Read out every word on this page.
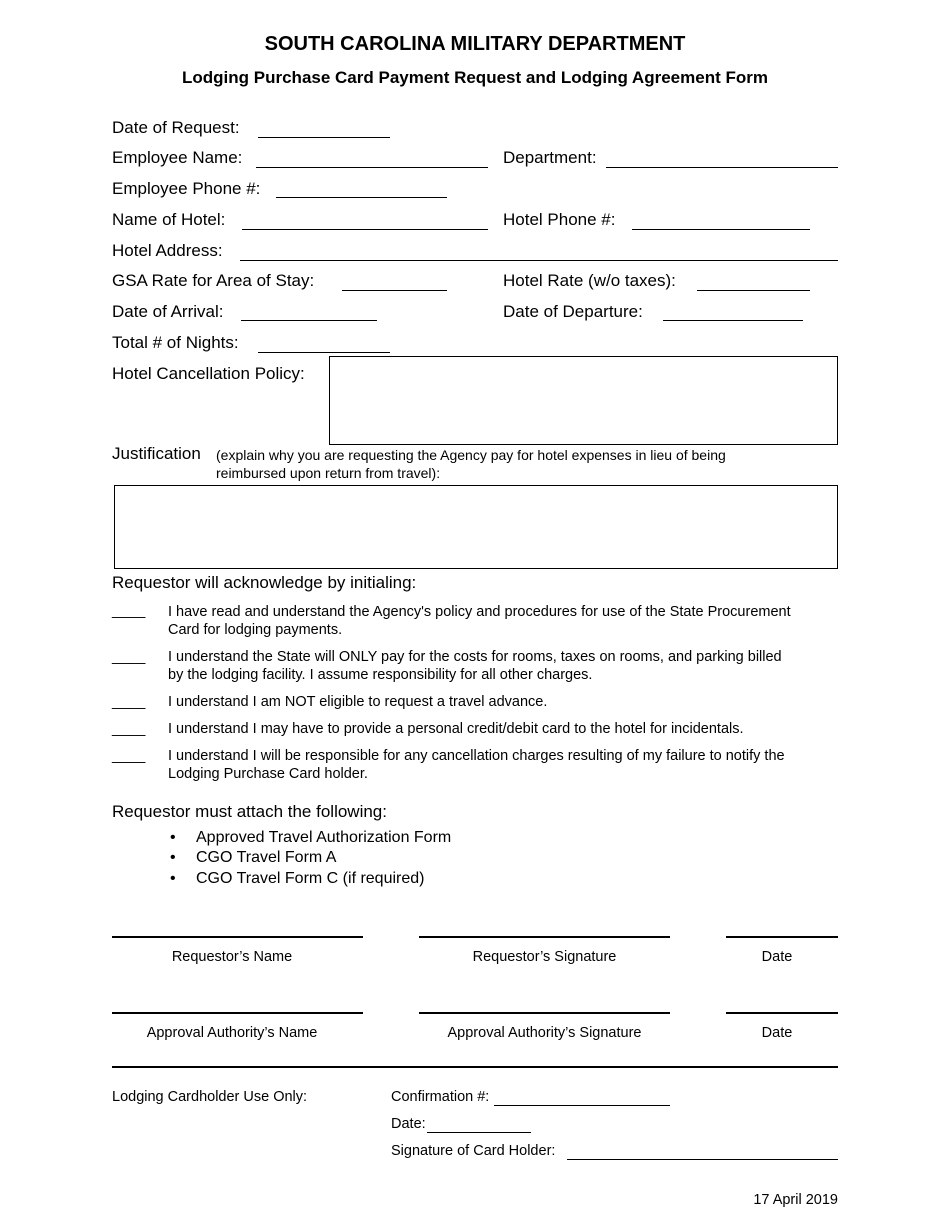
SOUTH CAROLINA MILITARY DEPARTMENT
Lodging Purchase Card Payment Request and Lodging Agreement Form
Date of Request:
Employee Name:	Department:
Employee Phone #:
Name of Hotel:	Hotel Phone #:
Hotel Address:
GSA Rate for Area of Stay:	Hotel Rate (w/o taxes):
Date of Arrival:	Date of Departure:
Total # of Nights:
Hotel Cancellation Policy:
Justification (explain why you are requesting the Agency pay for hotel expenses in lieu of being
reimbursed upon return from travel):
Requestor will acknowledge by initialing:
____ I have read and understand the Agency's policy and procedures for use of the State Procurement
Card for lodging payments.
____ I understand the State will ONLY pay for the costs for rooms, taxes on rooms, and parking billed
by the lodging facility. I assume responsibility for all other charges.
____ I understand I am NOT eligible to request a travel advance.
____ I understand I may have to provide a personal credit/debit card to the hotel for incidentals.
____ I understand I will be responsible for any cancellation charges resulting of my failure to notify the
Lodging Purchase Card holder.
Requestor must attach the following:
• Approved Travel Authorization Form
• CGO Travel Form A
• CGO Travel Form C (if required)
Requestor’s Name	Requestor’s Signature	Date
Approval Authority’s Name	Approval Authority’s Signature	Date
Lodging Cardholder Use Only:	Confirmation #:
Date:
Signature of Card Holder:
17 April 2019
